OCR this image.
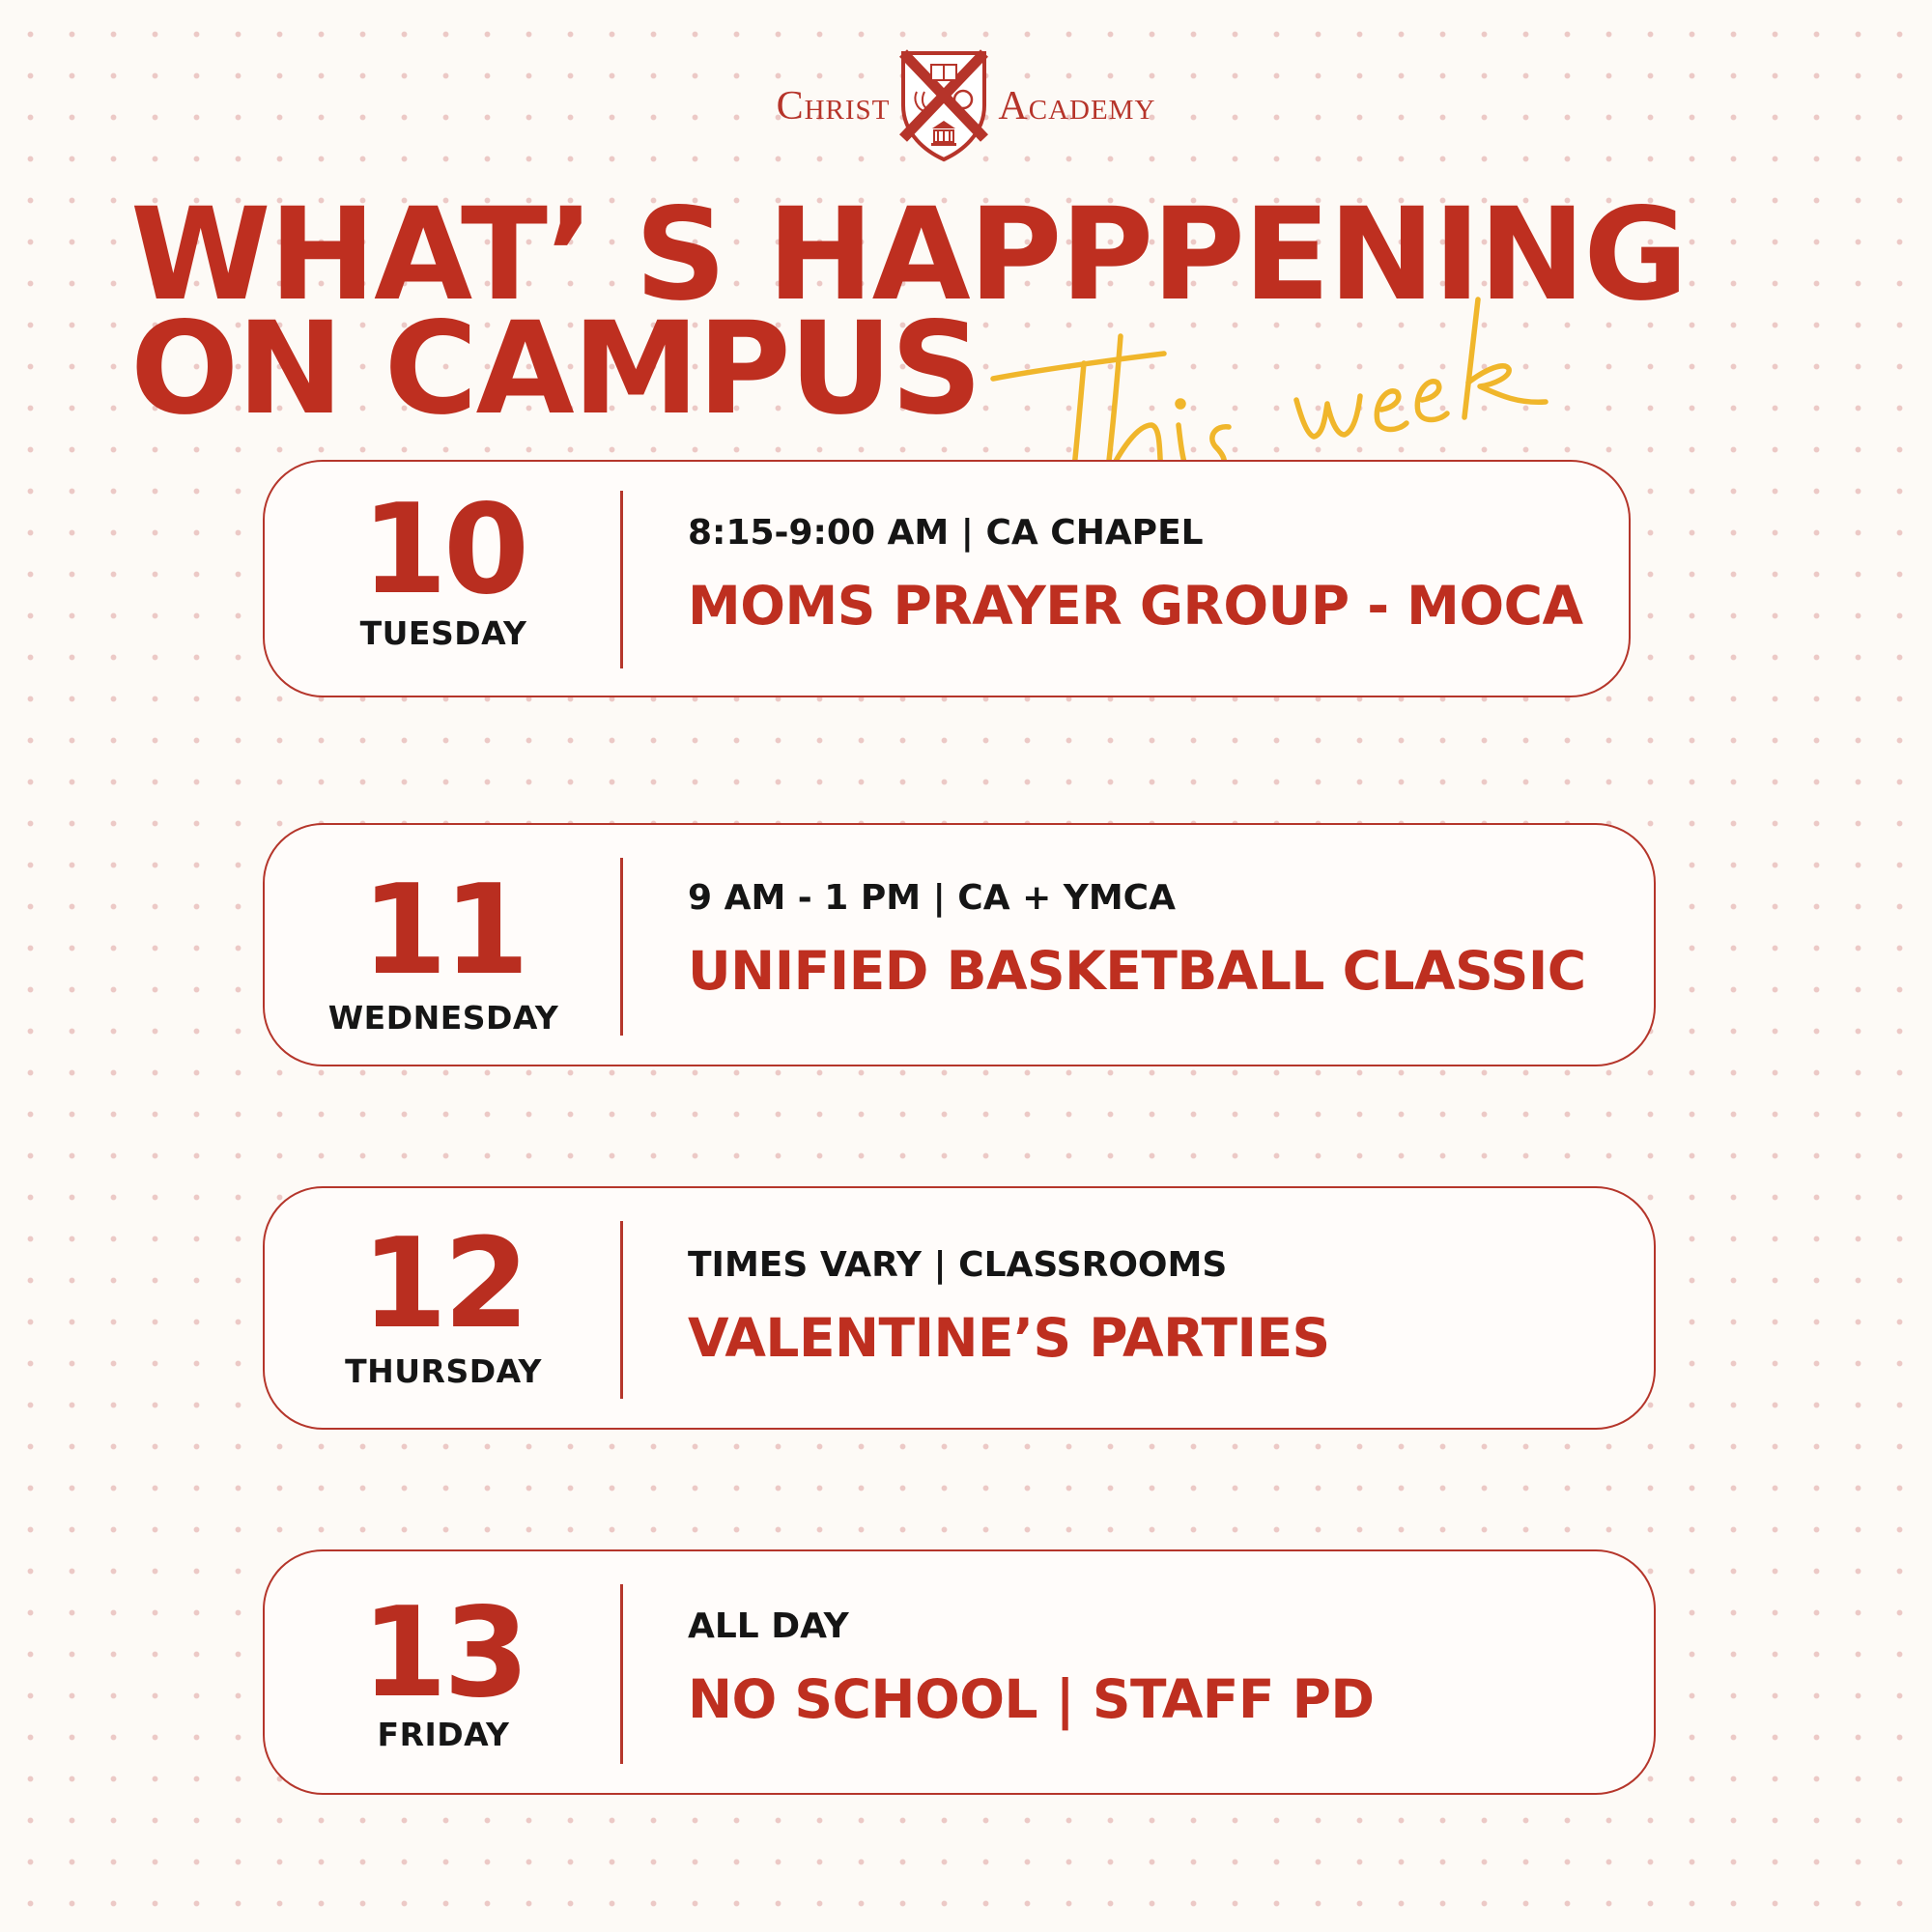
Christ	Academy
WHAT’ S HAPPPENING
ON CAMPUS
10
TUESDAY
8:15-9:00 AM | CA CHAPEL
MOMS PRAYER GROUP - MOCA
11
WEDNESDAY
9 AM - 1 PM | CA + YMCA
UNIFIED BASKETBALL CLASSIC
12
THURSDAY
TIMES VARY | CLASSROOMS
VALENTINE’S PARTIES
13
FRIDAY
ALL DAY
NO SCHOOL | STAFF PD
